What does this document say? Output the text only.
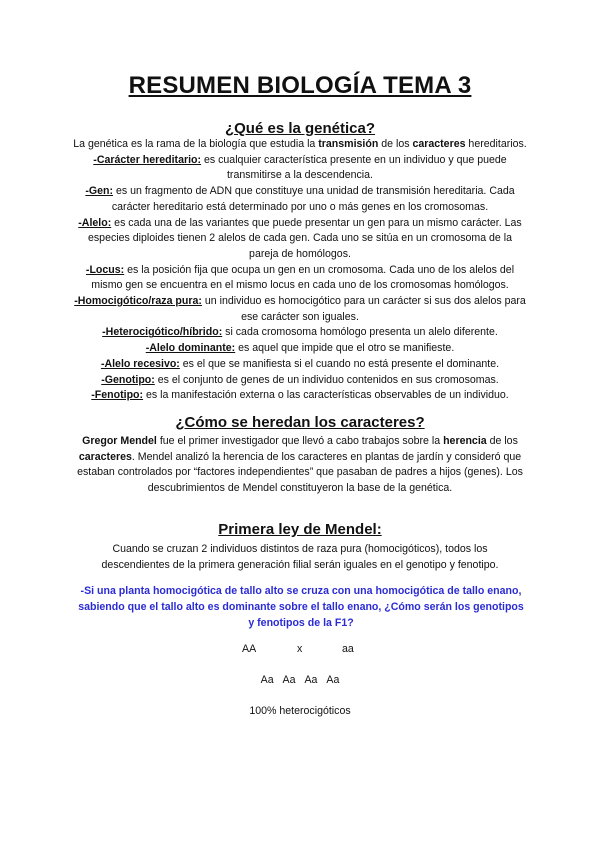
RESUMEN BIOLOGÍA TEMA 3
¿Qué es la genética?

La genética es la rama de la biología que estudia la transmisión de los caracteres hereditarios.

-Carácter hereditario: es cualquier característica presente en un individuo y que puede transmitirse a la descendencia.

-Gen: es un fragmento de ADN que constituye una unidad de transmisión hereditaria. Cada carácter hereditario está determinado por uno o más genes en los cromosomas.

-Alelo: es cada una de las variantes que puede presentar un gen para un mismo carácter. Las especies diploides tienen 2 alelos de cada gen. Cada uno se sitúa en un cromosoma de la pareja de homólogos.

-Locus: es la posición fija que ocupa un gen en un cromosoma. Cada uno de los alelos del mismo gen se encuentra en el mismo locus en cada uno de los cromosomas homólogos.

-Homocigótico/raza pura: un individuo es homocigótico para un carácter si sus dos alelos para ese carácter son iguales.

-Heterocigótico/híbrido: si cada cromosoma homólogo presenta un alelo diferente.

-Alelo dominante: es aquel que impide que el otro se manifieste.

-Alelo recesivo: es el que se manifiesta si el cuando no está presente el dominante.

-Genotipo: es el conjunto de genes de un individuo contenidos en sus cromosomas.

-Fenotipo: es la manifestación externa o las características observables de un individuo.

¿Cómo se heredan los caracteres?

Gregor Mendel fue el primer investigador que llevó a cabo trabajos sobre la herencia de los caracteres. Mendel analizó la herencia de los caracteres en plantas de jardín y consideró que estaban controlados por “factores independientes” que pasaban de padres a hijos (genes). Los descubrimientos de Mendel constituyeron la base de la genética.

Primera ley de Mendel:
Cuando se cruzan 2 individuos distintos de raza pura (homocigóticos), todos los descendientes de la primera generación filial serán iguales en el genotipo y fenotipo.
-Si una planta homocigótica de tallo alto se cruza con una homocigótica de tallo enano, sabiendo que el tallo alto es dominante sobre el tallo enano, ¿Cómo serán los genotipos y fenotipos de la F1?
AA	x	aa
Aa Aa Aa Aa
100% heterocigóticos
